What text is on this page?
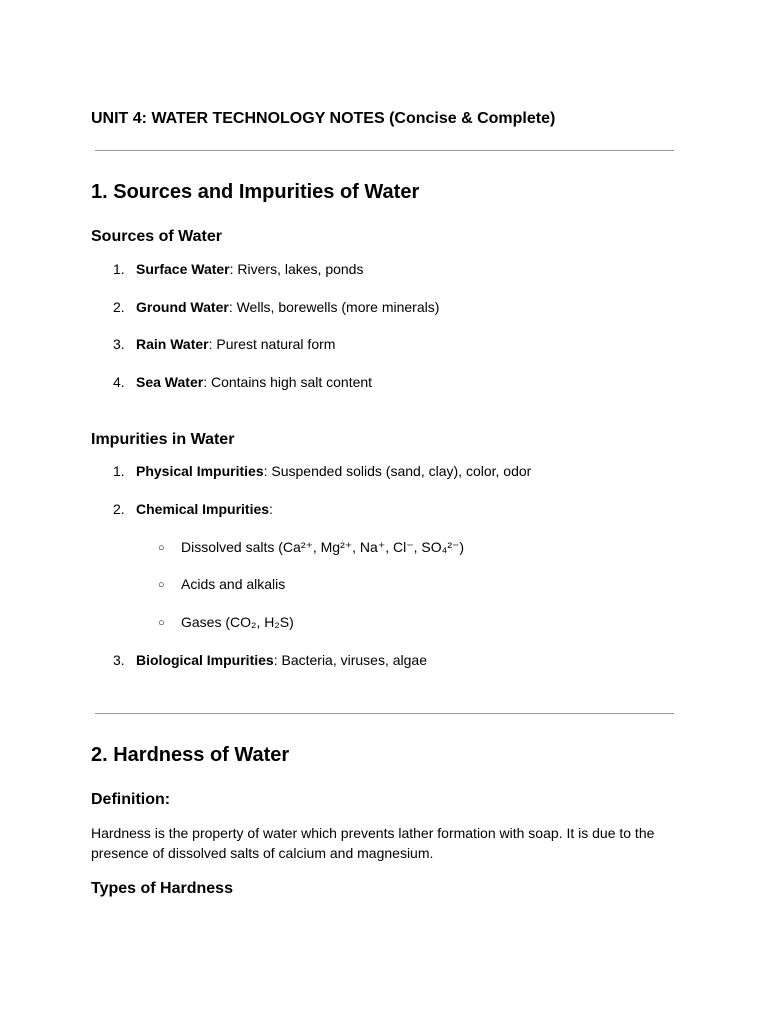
UNIT 4: WATER TECHNOLOGY NOTES (Concise & Complete)
1. Sources and Impurities of Water
Sources of Water
1. Surface Water: Rivers, lakes, ponds
2. Ground Water: Wells, borewells (more minerals)
3. Rain Water: Purest natural form
4. Sea Water: Contains high salt content
Impurities in Water
1. Physical Impurities: Suspended solids (sand, clay), color, odor
2. Chemical Impurities:
○ Dissolved salts (Ca²⁺, Mg²⁺, Na⁺, Cl⁻, SO₄²⁻)
○ Acids and alkalis
○ Gases (CO₂, H₂S)
3. Biological Impurities: Bacteria, viruses, algae
2. Hardness of Water
Definition:

Hardness is the property of water which prevents lather formation with soap. It is due to the presence of dissolved salts of calcium and magnesium.

Types of Hardness
